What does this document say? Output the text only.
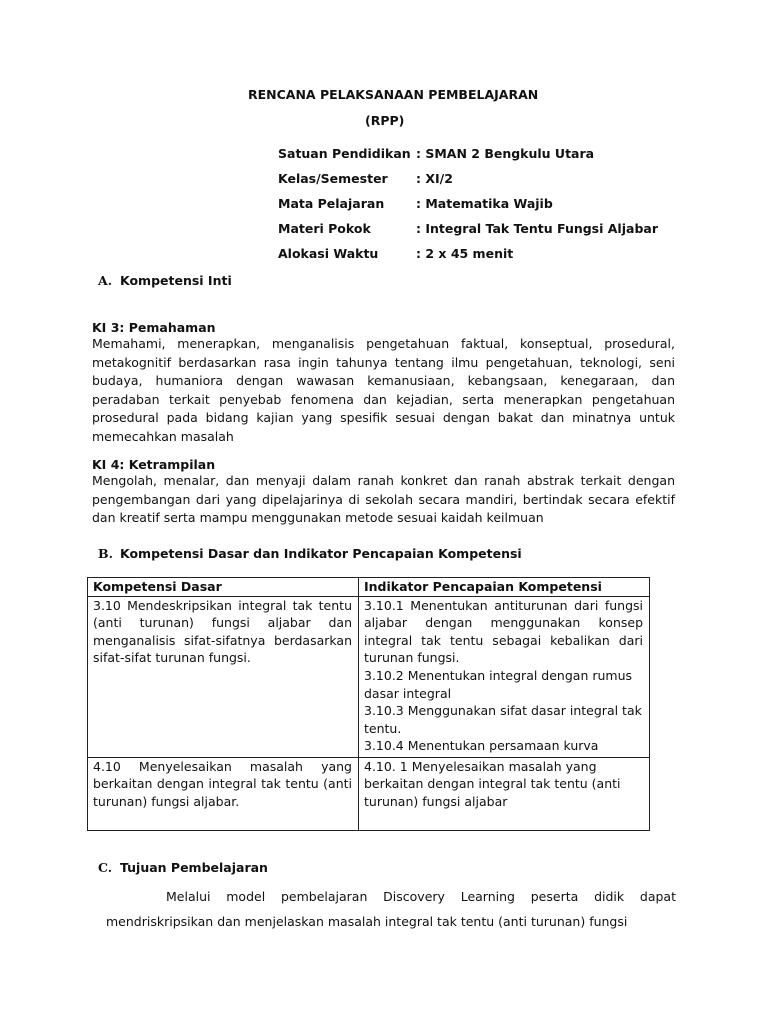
RENCANA PELAKSANAAN PEMBELAJARAN
(RPP)
Satuan Pendidikan : SMAN 2 Bengkulu Utara
Kelas/Semester : XI/2
Mata Pelajaran	: Matematika Wajib
Materi Pokok	: Integral Tak Tentu Fungsi Aljabar
Alokasi Waktu	: 2 x 45 menit
A. Kompetensi Inti
KI 3: Pemahaman

Memahami, menerapkan, menganalisis pengetahuan faktual, konseptual, prosedural, metakognitif berdasarkan rasa ingin tahunya tentang ilmu pengetahuan, teknologi, seni budaya, humaniora dengan wawasan kemanusiaan, kebangsaan, kenegaraan, dan peradaban terkait penyebab fenomena dan kejadian, serta menerapkan pengetahuan prosedural pada bidang kajian yang spesifik sesuai dengan bakat dan minatnya untuk memecahkan masalah

KI 4: Ketrampilan

Mengolah, menalar, dan menyaji dalam ranah konkret dan ranah abstrak terkait dengan pengembangan dari yang dipelajarinya di sekolah secara mandiri, bertindak secara efektif dan kreatif serta mampu menggunakan metode sesuai kaidah keilmuan

B. Kompetensi Dasar dan Indikator Pencapaian Kompetensi
Kompetensi Dasar	Indikator Pencapaian Kompetensi
3.10 Mendeskripsikan integral tak tentu (anti turunan) fungsi aljabar dan menganalisis sifat-sifatnya berdasarkan sifat-sifat turunan fungsi.	3.10.1 Menentukan antiturunan dari fungsi aljabar dengan menggunakan konsep integral tak tentu sebagai kebalikan dari turunan fungsi.
3.10.2 Menentukan integral dengan rumus dasar integral
3.10.3 Menggunakan sifat dasar integral tak tentu.
3.10.4 Menentukan persamaan kurva

4.10 Menyelesaikan masalah yang berkaitan dengan integral tak tentu (anti turunan) fungsi aljabar.	4.10. 1 Menyelesaikan masalah yang berkaitan dengan integral tak tentu (anti turunan) fungsi aljabar
C. Tujuan Pembelajaran

Melalui model pembelajaran Discovery Learning peserta didik dapat mendriskripsikan dan menjelaskan masalah integral tak tentu (anti turunan) fungsi
